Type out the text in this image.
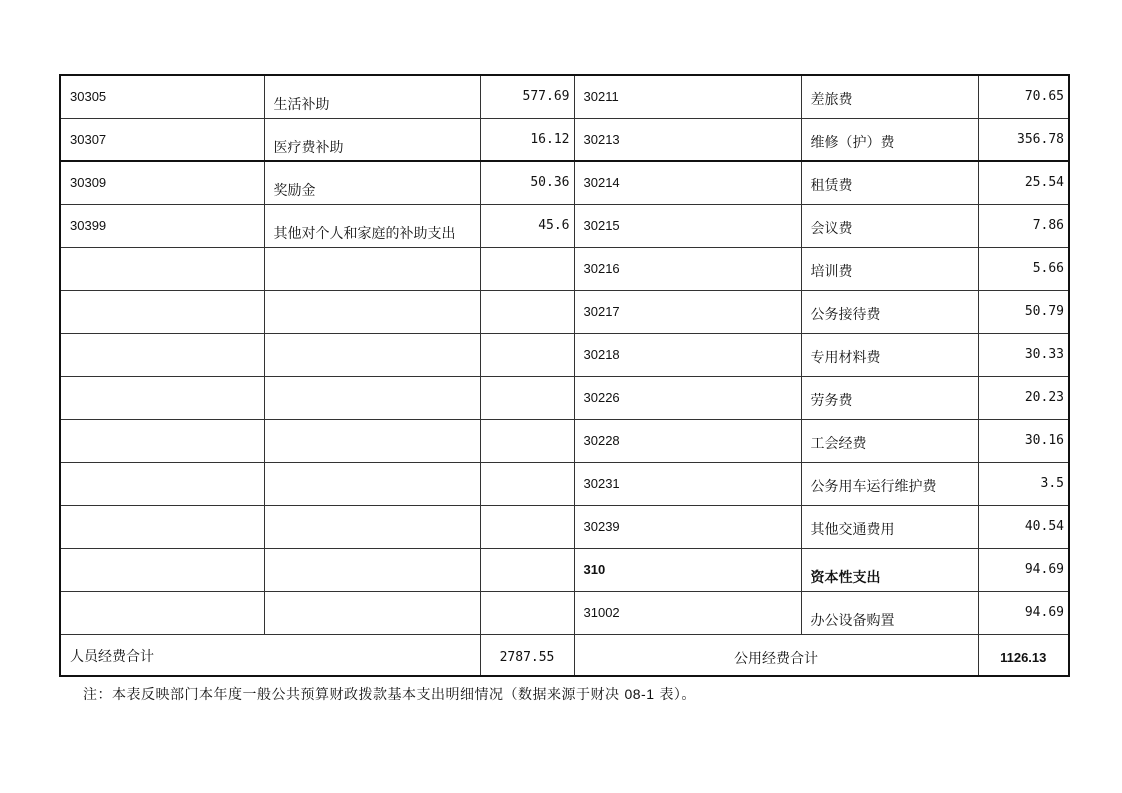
30305	生活补助	577.69	30211	差旅费	70.65
30307	医疗费补助	16.12	30213	维修（护）费	356.78
30309	奖励金	50.36	30214	租赁费	25.54
30399	其他对个人和家庭的补助支出	45.6	30215	会议费	7.86
			30216	培训费	5.66
			30217	公务接待费	50.79
			30218	专用材料费	30.33
			30226	劳务费	20.23
			30228	工会经费	30.16
			30231	公务用车运行维护费	3.5
			30239	其他交通费用	40.54
			310	资本性支出	94.69
			31002	办公设备购置	94.69
人员经费合计		2787.55	公用经费合计		1126.13
注：本表反映部门本年度一般公共预算财政拨款基本支出明细情况（数据来源于财决 08-1 表）。
